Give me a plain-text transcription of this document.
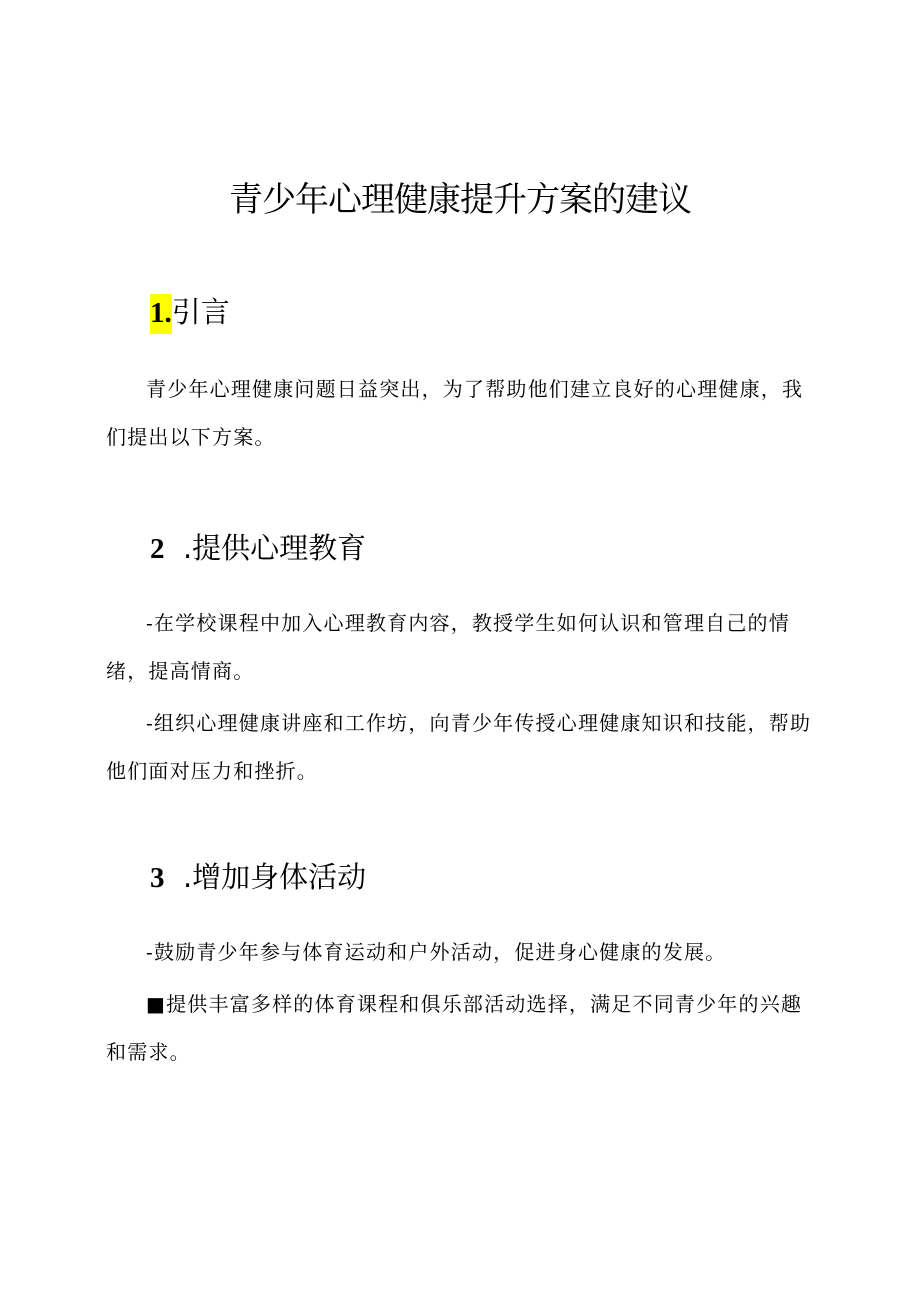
青少年心理健康提升方案的建议
1.引言

青少年心理健康问题日益突出，为了帮助他们建立良好的心理健康，我们提出以下方案。

2 .提供心理教育

-在学校课程中加入心理教育内容，教授学生如何认识和管理自己的情绪，提高情商。

-组织心理健康讲座和工作坊，向青少年传授心理健康知识和技能，帮助他们面对压力和挫折。

3 .增加身体活动

-鼓励青少年参与体育运动和户外活动，促进身心健康的发展。

■提供丰富多样的体育课程和俱乐部活动选择，满足不同青少年的兴趣和需求。
